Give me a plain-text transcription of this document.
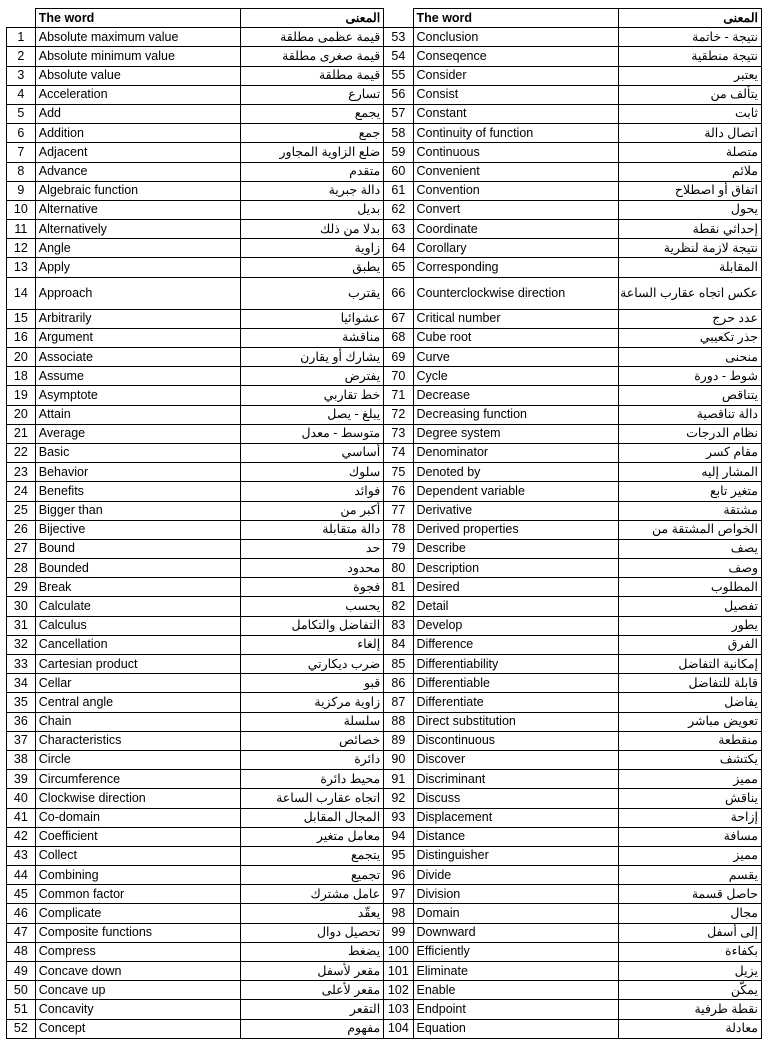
	The word	المعنى		The word	المعنى
1	Absolute maximum value	قيمة عظمى مطلقة	53	Conclusion	نتيجة - خاتمة
2	Absolute minimum value	قيمة صغرى مطلقة	54	Conseqence	نتيجة منطقية
3	Absolute value	قيمة مطلقة	55	Consider	يعتبر
4	Acceleration	تسارع	56	Consist	يتألف من
5	Add	يجمع	57	Constant	ثابت
6	Addition	جمع	58	Continuity of function	اتصال دالة
7	Adjacent	ضلع الزاوية المجاور	59	Continuous	متصلة
8	Advance	متقدم	60	Convenient	ملائم
9	Algebraic function	دالة جبرية	61	Convention	اتفاق أو اصطلاح
10	Alternative	بديل	62	Convert	يحول
11	Alternatively	بدلا من ذلك	63	Coordinate	إحداثي نقطة
12	Angle	زاوية	64	Corollary	نتيجة لازمة لنظرية
13	Apply	يطبق	65	Corresponding	المقابلة
14	Approach	يقترب	66	Counterclockwise direction	عكس اتجاه عقارب الساعة
15	Arbitrarily	عشوائيا	67	Critical number	عدد حرج
16	Argument	مناقشة	68	Cube root	جذر تكعيبي
20	Associate	يشارك أو يقارن	69	Curve	منحنى
18	Assume	يفترض	70	Cycle	شوط - دورة
19	Asymptote	خط تقاربي	71	Decrease	يتناقص
20	Attain	يبلغ - يصل	72	Decreasing function	دالة تناقصية
21	Average	متوسط - معدل	73	Degree system	نظام الدرجات
22	Basic	أساسي	74	Denominator	مقام كسر
23	Behavior	سلوك	75	Denoted by	المشار إليه
24	Benefits	فوائد	76	Dependent variable	متغير تابع
25	Bigger than	أكبر من	77	Derivative	مشتقة
26	Bijective	دالة متقابلة	78	Derived properties	الخواص المشتقة من
27	Bound	حد	79	Describe	يصف
28	Bounded	محدود	80	Description	وصف
29	Break	فجوة	81	Desired	المطلوب
30	Calculate	يحسب	82	Detail	تفصيل
31	Calculus	التفاضل والتكامل	83	Develop	يطور
32	Cancellation	إلغاء	84	Difference	الفرق
33	Cartesian product	ضرب ديكارتي	85	Differentiability	إمكانية التفاضل
34	Cellar	قبو	86	Differentiable	قابلة للتفاضل
35	Central angle	زاوية مركزية	87	Differentiate	يفاضل
36	Chain	سلسلة	88	Direct substitution	تعويض مباشر
37	Characteristics	خصائص	89	Discontinuous	منقطعة
38	Circle	دائرة	90	Discover	يكتشف
39	Circumference	محيط دائرة	91	Discriminant	مميز
40	Clockwise direction	اتجاه عقارب الساعة	92	Discuss	يناقش
41	Co-domain	المجال المقابل	93	Displacement	إزاحة
42	Coefficient	معامل متغير	94	Distance	مسافة
43	Collect	يتجمع	95	Distinguisher	مميز
44	Combining	تجميع	96	Divide	يقسم
45	Common factor	عامل مشترك	97	Division	حاصل قسمة
46	Complicate	يعقّد	98	Domain	مجال
47	Composite functions	تحصيل دوال	99	Downward	إلى أسفل
48	Compress	يضغط	100	Efficiently	بكفاءة
49	Concave down	مقعر لأسفل	101	Eliminate	يزيل
50	Concave up	مقعر لأعلى	102	Enable	يمكّن
51	Concavity	التقعر	103	Endpoint	نقطة طرفية
52	Concept	مفهوم	104	Equation	معادلة
